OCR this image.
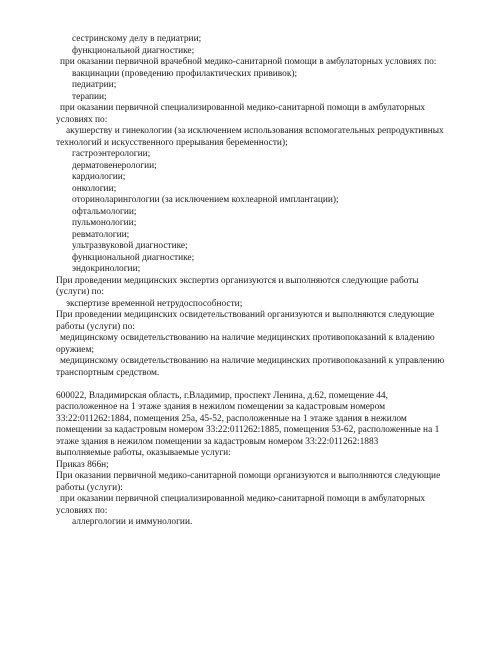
сестринскому делу в педиатрии;
функциональной диагностике;
при оказании первичной врачебной медико-санитарной помощи в амбулаторных условиях по:
вакцинации (проведению профилактических прививок);
педиатрии;
терапии;
при оказании первичной специализированной медико-санитарной помощи в амбулаторных
условиях по:
акушерству и гинекологии (за исключением использования вспомогательных репродуктивных
технологий и искусственного прерывания беременности);
гастроэнтерологии;
дерматовенерологии;
кардиологии;
онкологии;
оториноларингологии (за исключением кохлеарной имплантации);
офтальмологии;
пульмонологии;
ревматологии;
ультразвуковой диагностике;
функциональной диагностике;
эндокринологии;
При проведении медицинских экспертиз организуются и выполняются следующие работы
(услуги) по:
экспертизе временной нетрудоспособности;
При проведении медицинских освидетельствований организуются и выполняются следующие
работы (услуги) по:
медицинскому освидетельствованию на наличие медицинских противопоказаний к владению
оружием;
медицинскому освидетельствованию на наличие медицинских противопоказаний к управлению
транспортным средством.
600022, Владимирская область, г.Владимир, проспект Ленина, д.62, помещение 44,
расположенное на 1 этаже здания в нежилом помещении за кадастровым номером
33:22:011262:1884, помещения 25а, 45-52, расположенные на 1 этаже здания в нежилом
помещении за кадастровым номером 33:22:011262:1885, помещения 53-62, расположенные на 1
этаже здания в нежилом помещении за кадастровым номером 33:22:011262:1883
выполняемые работы, оказываемые услуги:
Приказ 866н;
При оказании первичной медико-санитарной помощи организуются и выполняются следующие
работы (услуги):
при оказании первичной специализированной медико-санитарной помощи в амбулаторных
условиях по:
аллергологии и иммунологии.
